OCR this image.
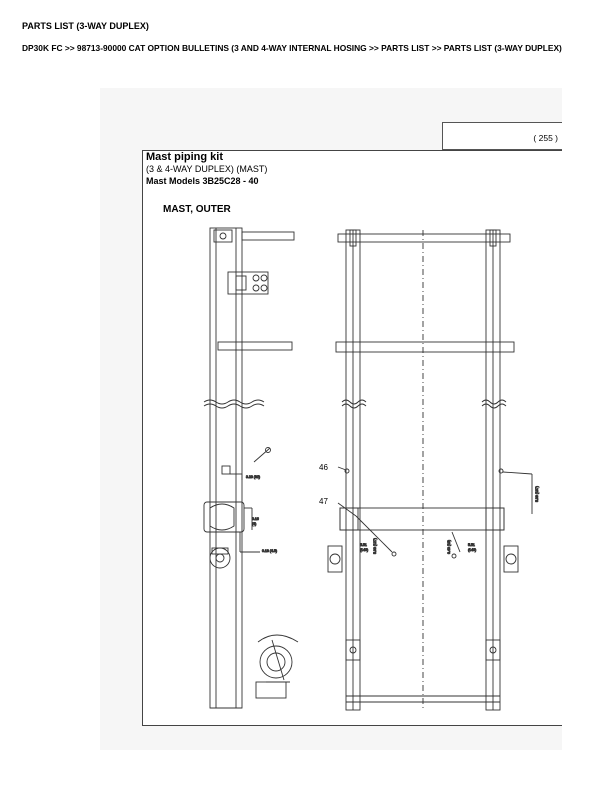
PARTS LIST (3-WAY DUPLEX)
DP30K FC >> 98713-90000 CAT OPTION BULLETINS (3 AND 4-WAY INTERNAL HOSING >> PARTS LIST >> PARTS LIST (3-WAY DUPLEX)
( 255 )
Mast piping kit
(3 & 4-WAY DUPLEX) (MAST)
Mast Models 3B25C28 - 40
MAST, OUTER
3.23 (82)
0.16
(4)
0.18 (4.5)
5.39 (137)
5.51
(140) 5.00 (127)	5.51
(140)
0.40 (10)
46
47
